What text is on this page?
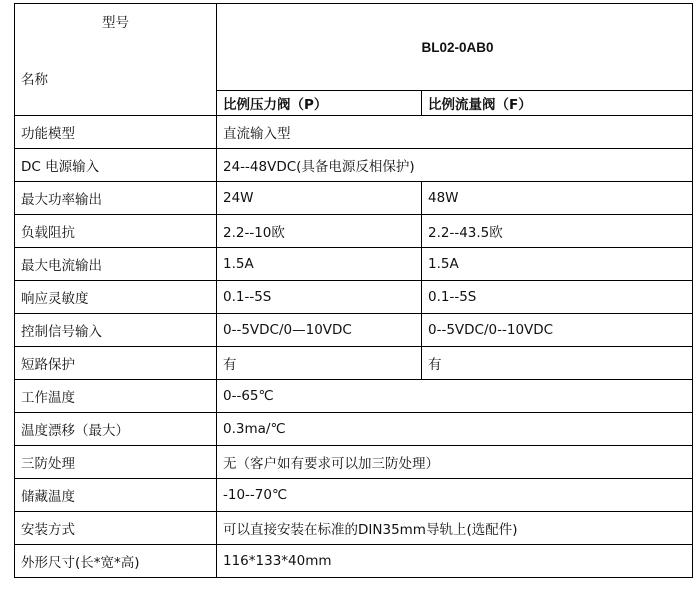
型号
名称	BL02-0AB0	
	比例压力阀（P）	比例流量阀（F）
功能模型	直流输入型	
DC 电源输入	24--48VDC(具备电源反相保护)	
最大功率输出	24W	48W
负载阻抗	2.2--10欧	2.2--43.5欧
最大电流输出	1.5A	1.5A
响应灵敏度	0.1--5S	0.1--5S
控制信号输入	0--5VDC/0—10VDC	0--5VDC/0--10VDC
短路保护	有	有
工作温度	0--65℃	
温度漂移（最大）	0.3ma/℃	
三防处理	无（客户如有要求可以加三防处理）	
储藏温度	-10--70℃	
安装方式	可以直接安装在标准的DIN35mm导轨上(选配件)	
外形尺寸(长*宽*高)	116*133*40mm	
